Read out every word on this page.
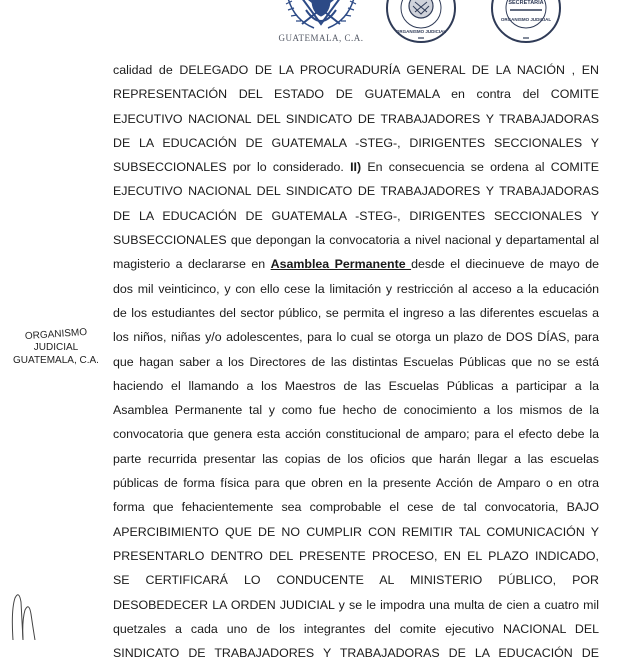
GUATEMALA, C.A.
ORGANISMO JUDICIAL
SECRETARIA
ORGANISMO JUDICIAL
ORGANISMO
JUDICIAL
GUATEMALA, C.A.
calidad de DELEGADO DE LA PROCURADURÍA GENERAL DE LA NACIÓN , EN
REPRESENTACIÓN DEL ESTADO DE GUATEMALA en contra del COMITE
EJECUTIVO NACIONAL DEL SINDICATO DE TRABAJADORES Y TRABAJADORAS
DE LA EDUCACIÓN DE GUATEMALA -STEG-, DIRIGENTES SECCIONALES Y
SUBSECCIONALES por lo considerado. II) En consecuencia se ordena al COMITE
EJECUTIVO NACIONAL DEL SINDICATO DE TRABAJADORES Y TRABAJADORAS
DE LA EDUCACIÓN DE GUATEMALA -STEG-, DIRIGENTES SECCIONALES Y
SUBSECCIONALES que depongan la convocatoria a nivel nacional y departamental al
magisterio a declararse en Asamblea Permanente desde el diecinueve de mayo de
dos mil veinticinco, y con ello cese la limitación y restricción al acceso a la educación
de los estudiantes del sector público, se permita el ingreso a las diferentes escuelas a
los niños, niñas y/o adolescentes, para lo cual se otorga un plazo de DOS DÍAS, para
que hagan saber a los Directores de las distintas Escuelas Públicas que no se está
haciendo el llamando a los Maestros de las Escuelas Públicas a participar a la
Asamblea Permanente tal y como fue hecho de conocimiento a los mismos de la
convocatoria que genera esta acción constitucional de amparo; para el efecto debe la
parte recurrida presentar las copias de los oficios que harán llegar a las escuelas
públicas de forma física para que obren en la presente Acción de Amparo o en otra
forma que fehacientemente sea comprobable el cese de tal convocatoria, BAJO
APERCIBIMIENTO QUE DE NO CUMPLIR CON REMITIR TAL COMUNICACIÓN Y
PRESENTARLO DENTRO DEL PRESENTE PROCESO, EN EL PLAZO INDICADO,
SE CERTIFICARÁ LO CONDUCENTE AL MINISTERIO PÚBLICO, POR
DESOBEDECER LA ORDEN JUDICIAL y se le impodra una multa de cien a cuatro mil
quetzales a cada uno de los integrantes del comite ejecutivo NACIONAL DEL
SINDICATO DE TRABAJADORES Y TRABAJADORAS DE LA EDUCACIÓN DE
